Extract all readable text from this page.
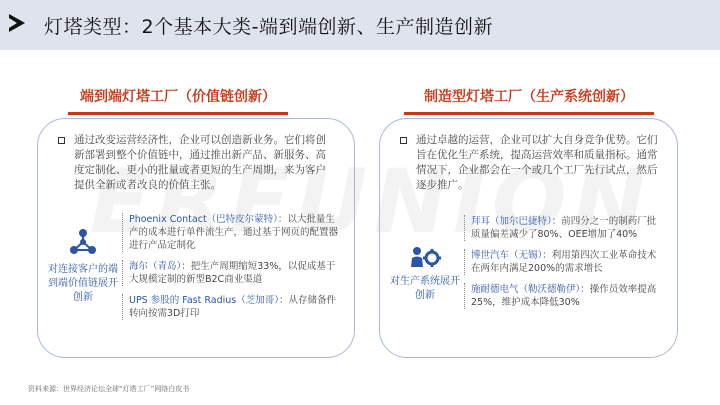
灯塔类型：2个基本大类-端到端创新、生产制造创新
端到端灯塔工厂（价值链创新）	制造型灯塔工厂（生产系统创新）
通过改变运营经济性，企业可以创造新业务。它们将创新部署到整个价值链中，通过推出新产品、新服务、高度定制化、更小的批量或者更短的生产周期，来为客户提供全新或者改良的价值主张。
对连接客户的端到端价值链展开创新
Phoenix Contact（巴特皮尔蒙特）：以大批量生产的成本进行单件流生产，通过基于网页的配置器进行产品定制化
海尔（青岛）：把生产周期缩短33%，以促成基于大规模定制的新型B2C商业渠道
UPS 参股的 Fast Radius（芝加哥）：从存储备件转向按需3D打印
通过卓越的运营，企业可以扩大自身竞争优势。它们旨在优化生产系统，提高运营效率和质量指标。通常情况下，企业都会在一个或几个工厂先行试点，然后逐步推广。
对生产系统展开创新
拜耳（加尔巴捷特）：前四分之一的制药厂批质量偏差减少了80%、OEE增加了40%
博世汽车（无锡）：利用第四次工业革命技术在两年内满足200%的需求增长
施耐德电气（勒沃德勒伊）：操作员效率提高25%，维护成本降低30%
资料来源：世界经济论坛全球“灯塔工厂”网络白皮书
